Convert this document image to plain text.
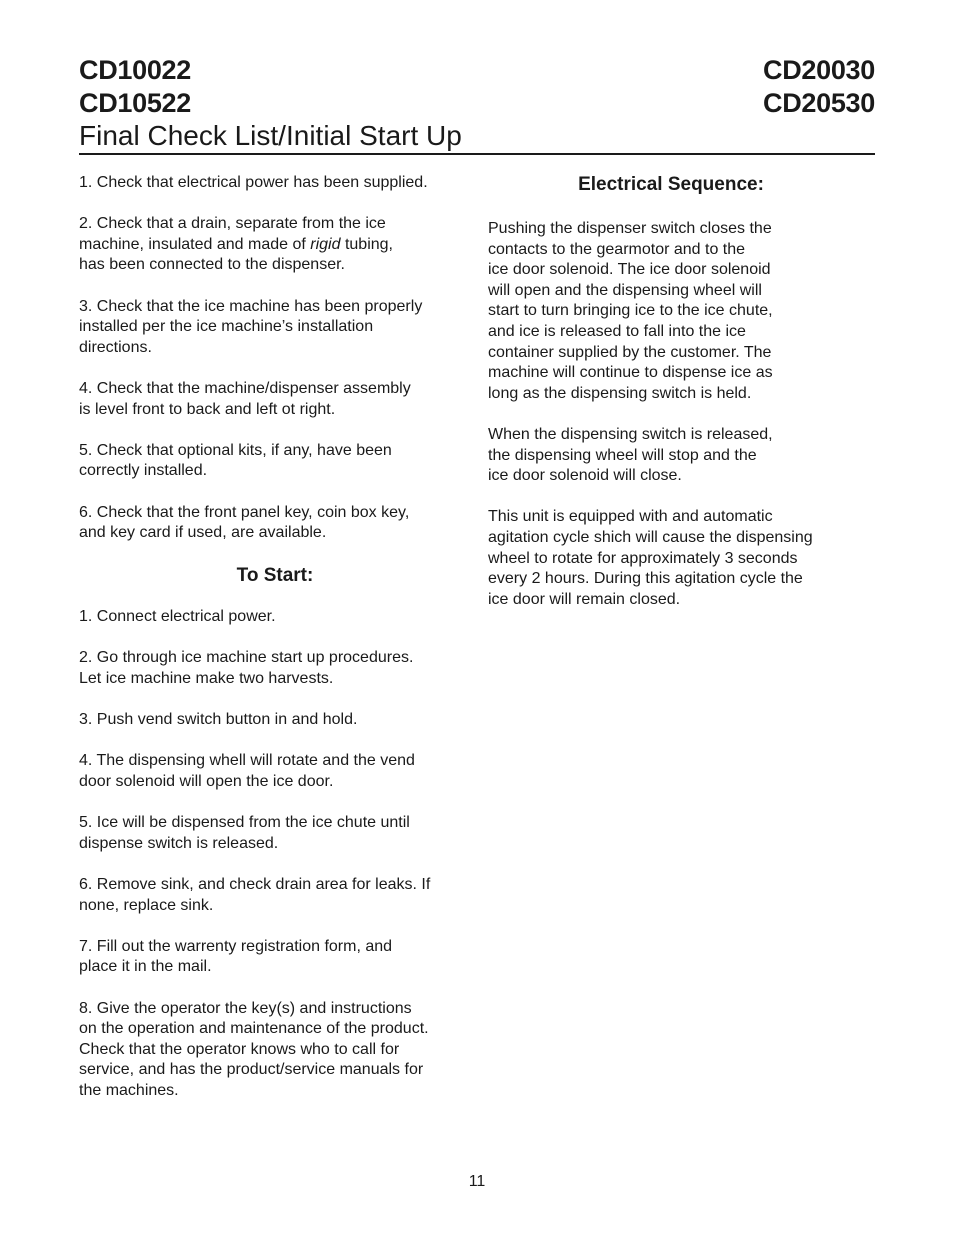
CD10022
CD10522
CD20030
CD20530
Final Check List/Initial Start Up

1. Check that electrical power has been supplied.

2. Check that a drain, separate from the ice
machine, insulated and made of rigid tubing,
has been connected to the dispenser.

3. Check that the ice machine has been properly
installed per the ice machine’s installation
directions.

4. Check that the machine/dispenser assembly
is level front to back and left ot right.

5. Check that optional kits, if any, have been
correctly installed.

6. Check that the front panel key, coin box key,
and key card if used, are available.

To Start:

1. Connect electrical power.

2. Go through ice machine start up procedures.
Let ice machine make two harvests.

3. Push vend switch button in and hold.

4. The dispensing whell will rotate and the vend
door solenoid will open the ice door.

5. Ice will be dispensed from the ice chute until
dispense switch is released.

6. Remove sink, and check drain area for leaks. If
none, replace sink.

7. Fill out the warrenty registration form, and
place it in the mail.

8. Give the operator the key(s) and instructions
on the operation and maintenance of the product.
Check that the operator knows who to call for
service, and has the product/service manuals for
the machines.

Electrical Sequence:

Pushing the dispenser switch closes the
contacts to the gearmotor and to the
ice door solenoid. The ice door solenoid
will open and the dispensing wheel will
start to turn bringing ice to the ice chute,
and ice is released to fall into the ice
container supplied by the customer. The
machine will continue to dispense ice as
long as the dispensing switch is held.

When the dispensing switch is released,
the dispensing wheel will stop and the
ice door solenoid will close.

This unit is equipped with and automatic
agitation cycle shich will cause the dispensing
wheel to rotate for approximately 3 seconds
every 2 hours. During this agitation cycle the
ice door will remain closed.

11
